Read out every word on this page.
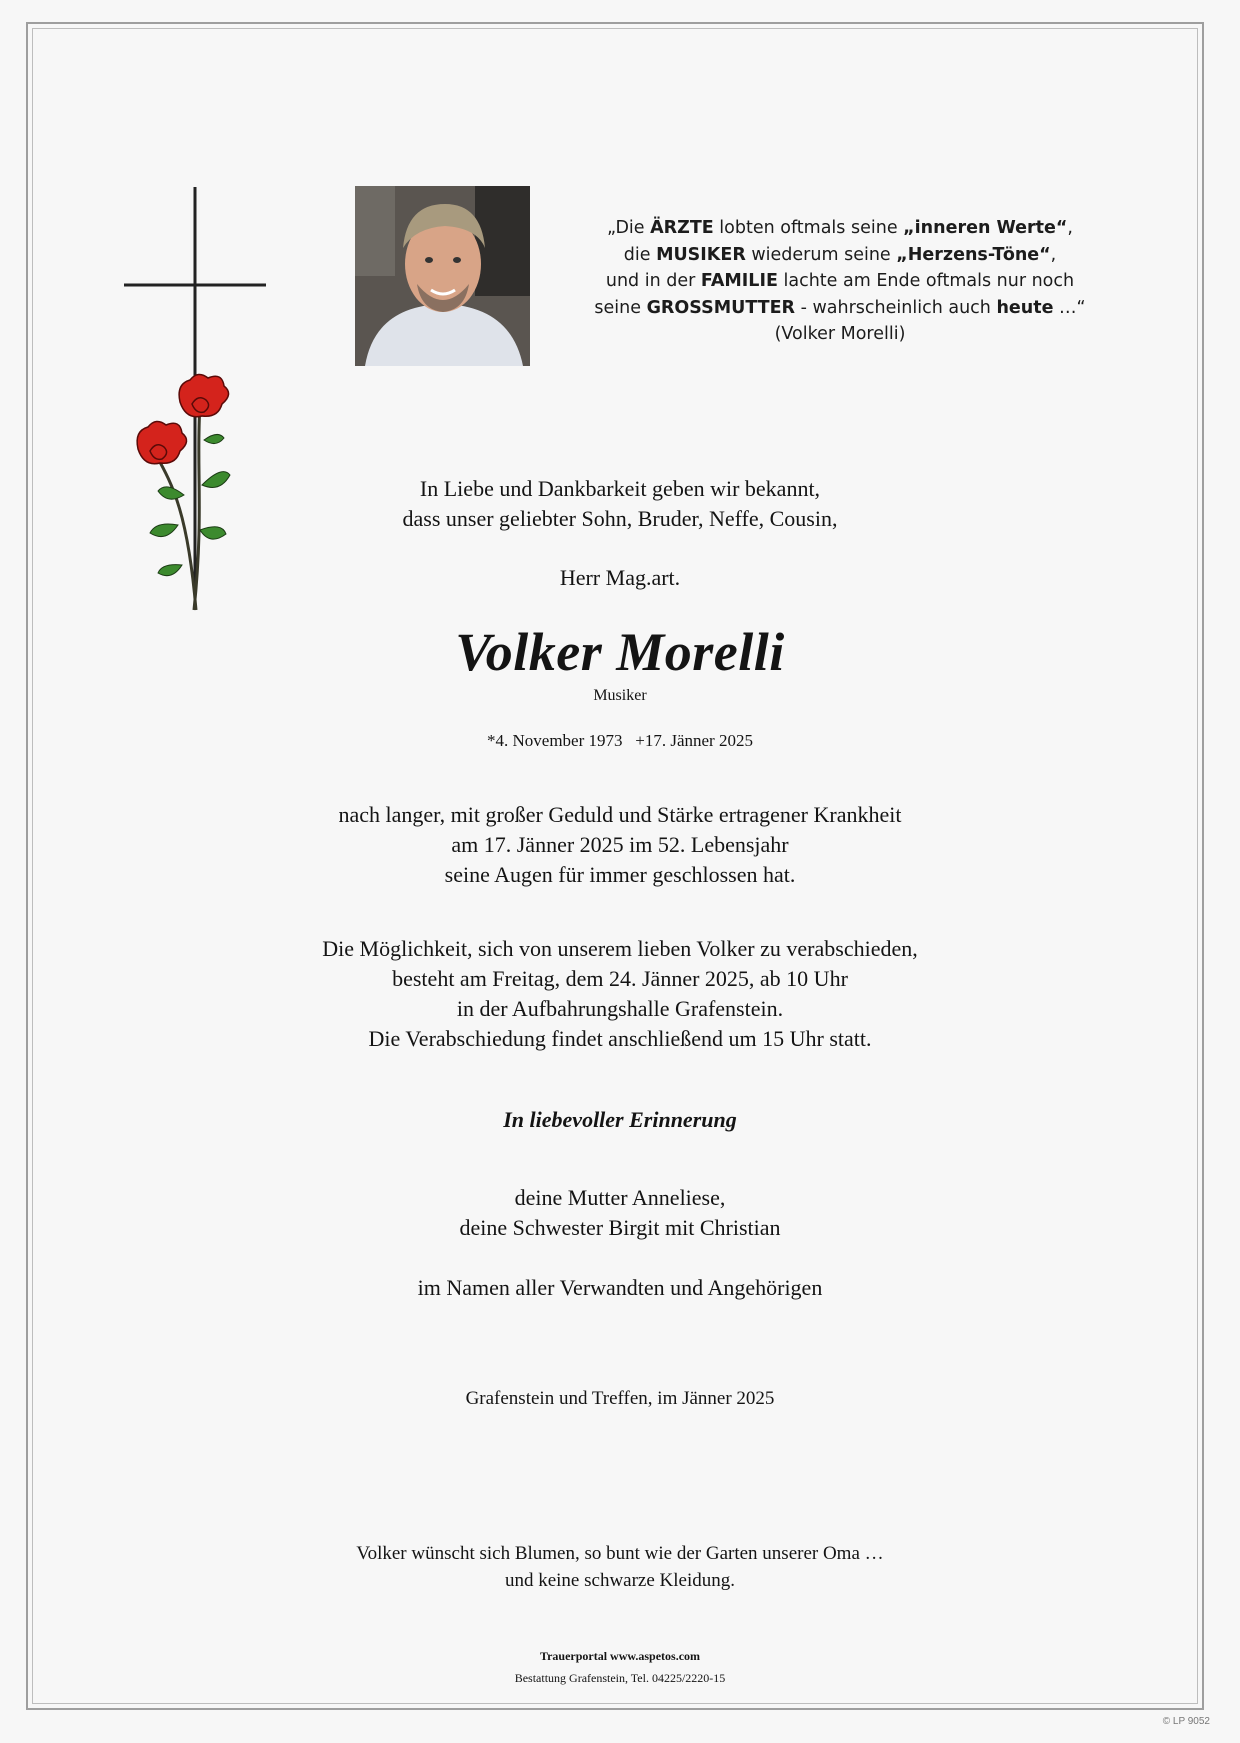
„Die ÄRZTE lobten oftmals seine „inneren Werte“,
die MUSIKER wiederum seine „Herzens-Töne“,
und in der FAMILIE lachte am Ende oftmals nur noch
seine GROSSMUTTER - wahrscheinlich auch heute …“
(Volker Morelli)
In Liebe und Dankbarkeit geben wir bekannt,
dass unser geliebter Sohn, Bruder, Neffe, Cousin,
Herr Mag.art.
Volker Morelli
Musiker
*4. November 1973   +17. Jänner 2025
nach langer, mit großer Geduld und Stärke ertragener Krankheit
am 17. Jänner 2025 im 52. Lebensjahr
seine Augen für immer geschlossen hat.
Die Möglichkeit, sich von unserem lieben Volker zu verabschieden,
besteht am Freitag, dem 24. Jänner 2025, ab 10 Uhr
in der Aufbahrungshalle Grafenstein.
Die Verabschiedung findet anschließend um 15 Uhr statt.
In liebevoller Erinnerung
deine Mutter Anneliese,
deine Schwester Birgit mit Christian
im Namen aller Verwandten und Angehörigen
Grafenstein und Treffen, im Jänner 2025
Volker wünscht sich Blumen, so bunt wie der Garten unserer Oma …
und keine schwarze Kleidung.
Trauerportal www.aspetos.com
Bestattung Grafenstein, Tel. 04225/2220-15
© LP 9052
